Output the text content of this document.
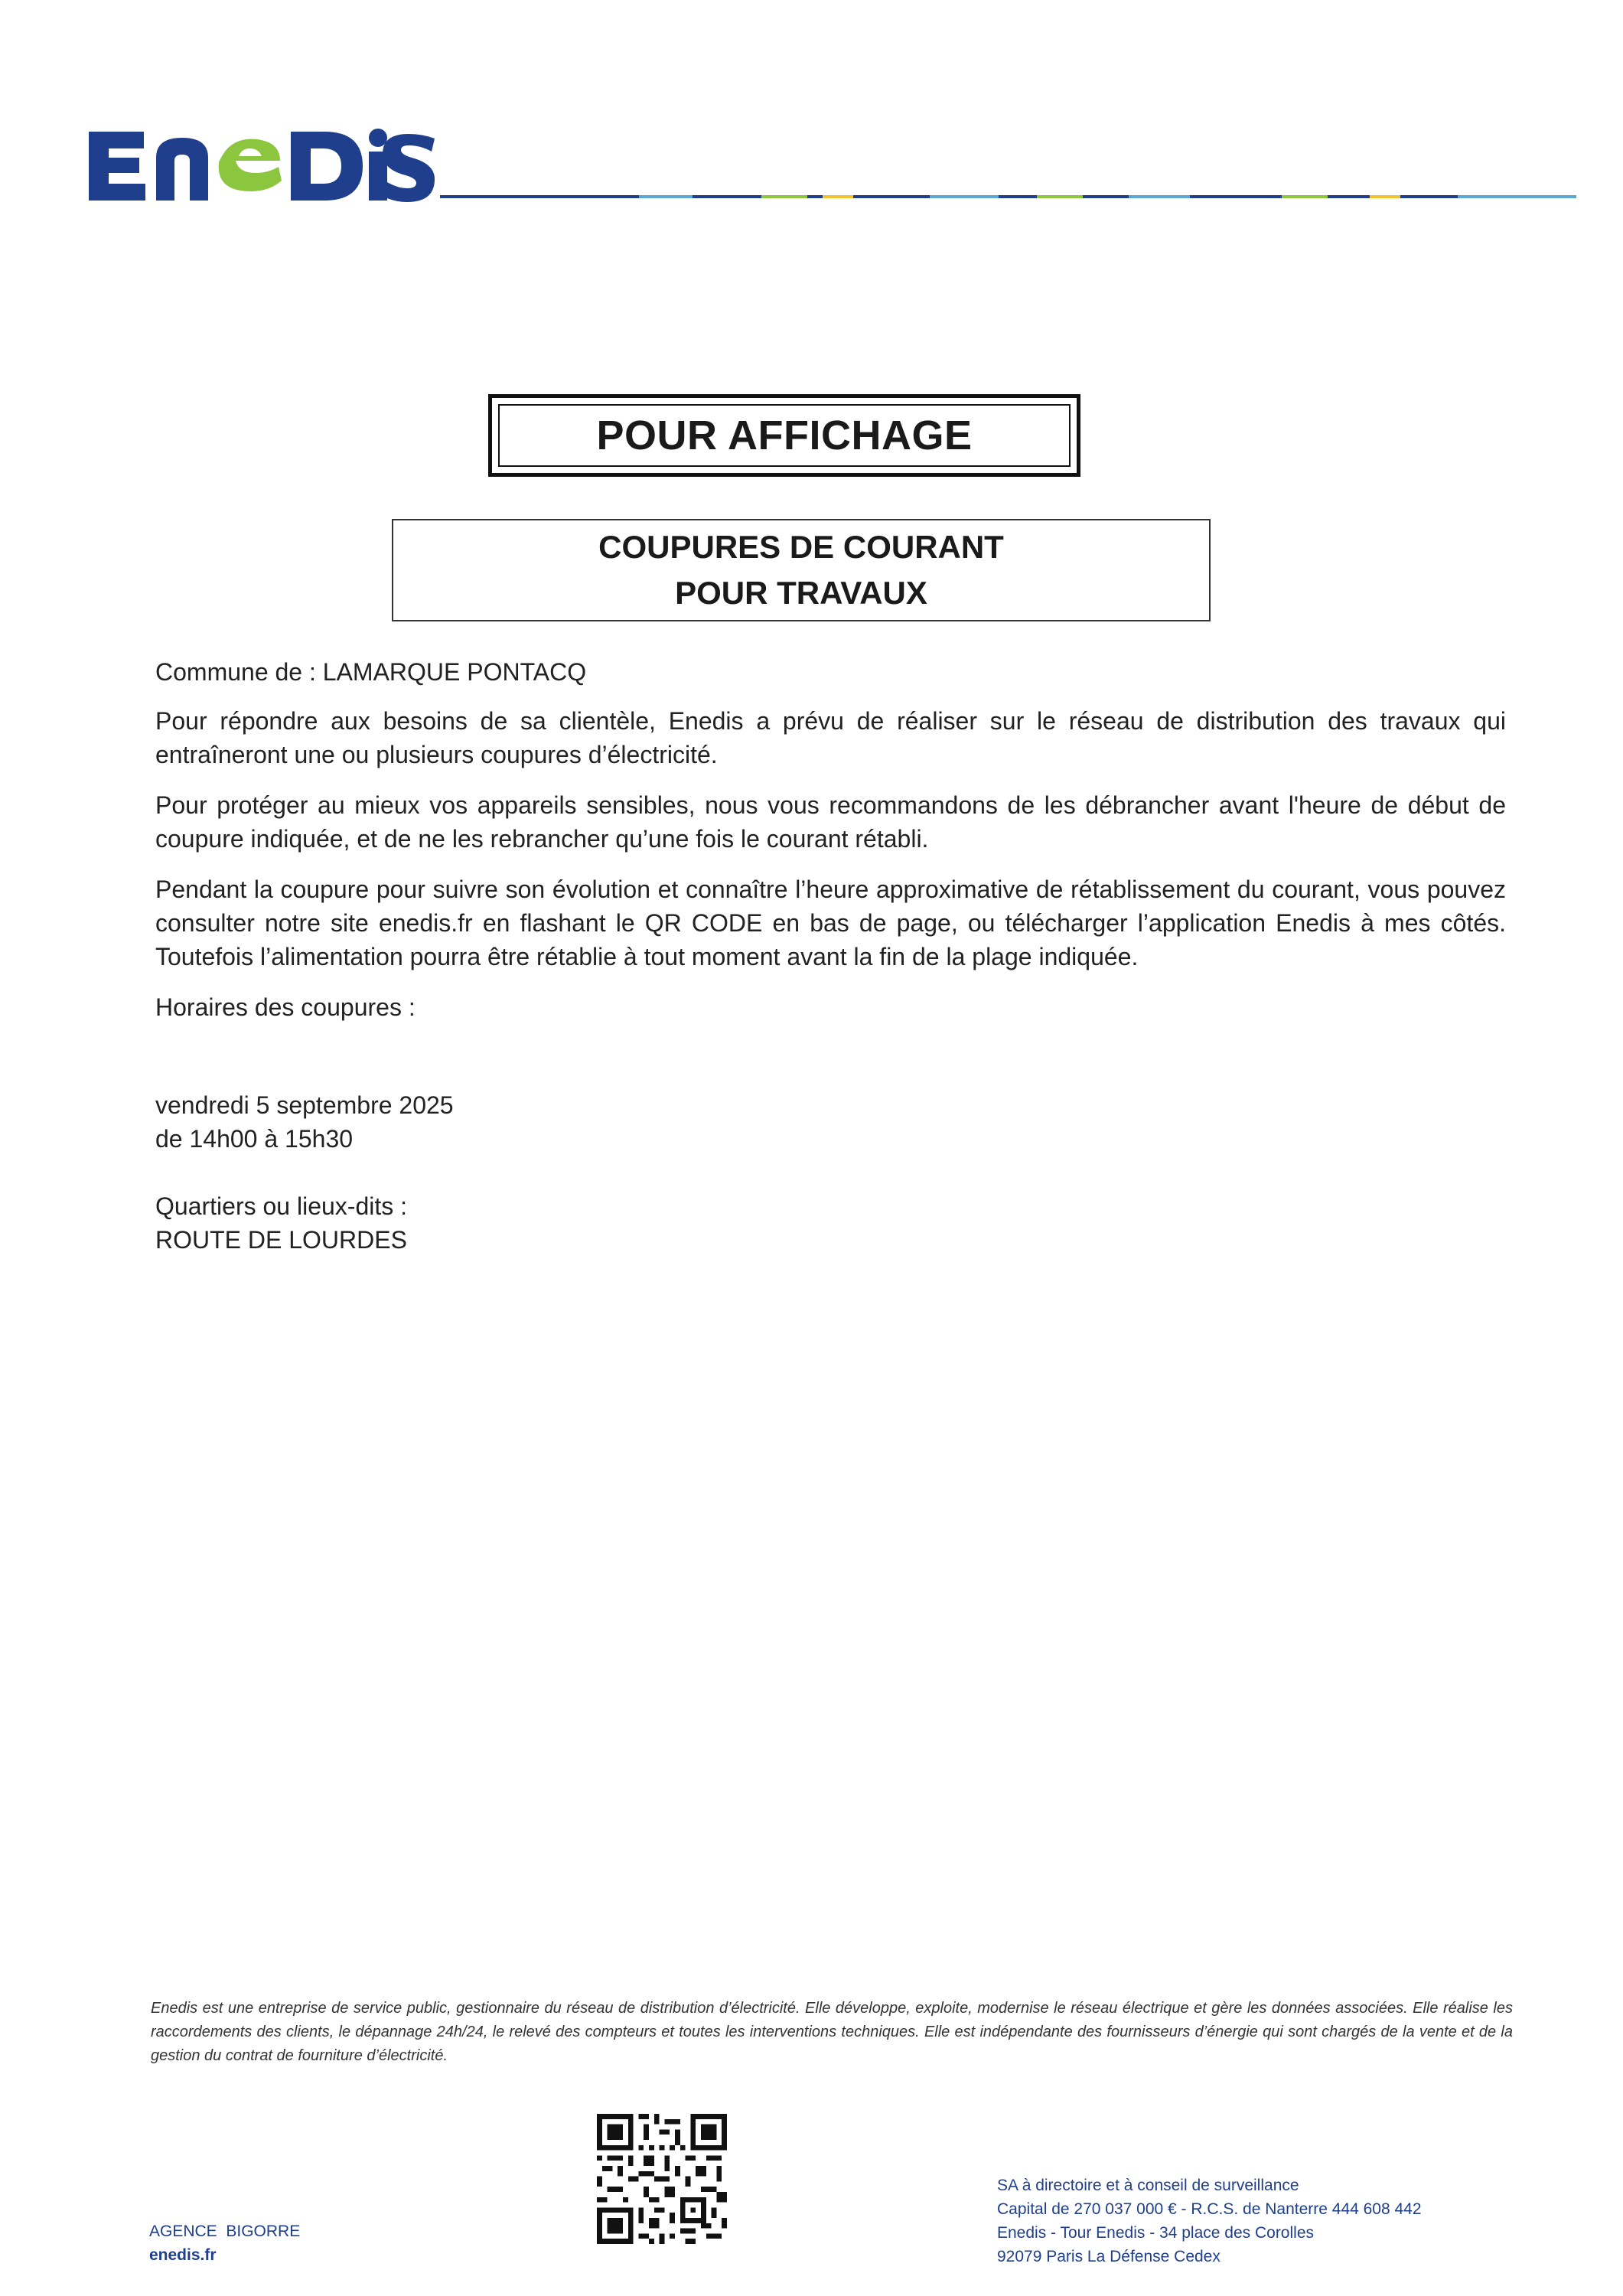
POUR AFFICHAGE
COUPURES DE COURANT
POUR TRAVAUX
Commune de : LAMARQUE PONTACQ
Pour répondre aux besoins de sa clientèle, Enedis a prévu de réaliser sur le réseau de distribution des travaux qui entraîneront une ou plusieurs coupures d’électricité.
Pour protéger au mieux vos appareils sensibles, nous vous recommandons de les débrancher avant l'heure de début de coupure indiquée, et de ne les rebrancher qu’une fois le courant rétabli.
Pendant la coupure pour suivre son évolution et connaître l’heure approximative de rétablissement du courant, vous pouvez consulter notre site enedis.fr en flashant le QR CODE en bas de page, ou télécharger l’application Enedis à mes côtés. Toutefois l’alimentation pourra être rétablie à tout moment avant la fin de la plage indiquée.
Horaires des coupures :
vendredi 5 septembre 2025
de 14h00 à 15h30
Quartiers ou lieux-dits :
ROUTE DE LOURDES
Enedis est une entreprise de service public, gestionnaire du réseau de distribution d’électricité. Elle développe, exploite, modernise le réseau électrique et gère les données associées. Elle réalise les raccordements des clients, le dépannage 24h/24, le relevé des compteurs et toutes les interventions techniques. Elle est indépendante des fournisseurs d’énergie qui sont chargés de la vente et de la gestion du contrat de fourniture d’électricité.
AGENCE  BIGORRE
enedis.fr
SA à directoire et à conseil de surveillance
Capital de 270 037 000 € - R.C.S. de Nanterre 444 608 442
Enedis - Tour Enedis - 34 place des Corolles
92079 Paris La Défense Cedex
